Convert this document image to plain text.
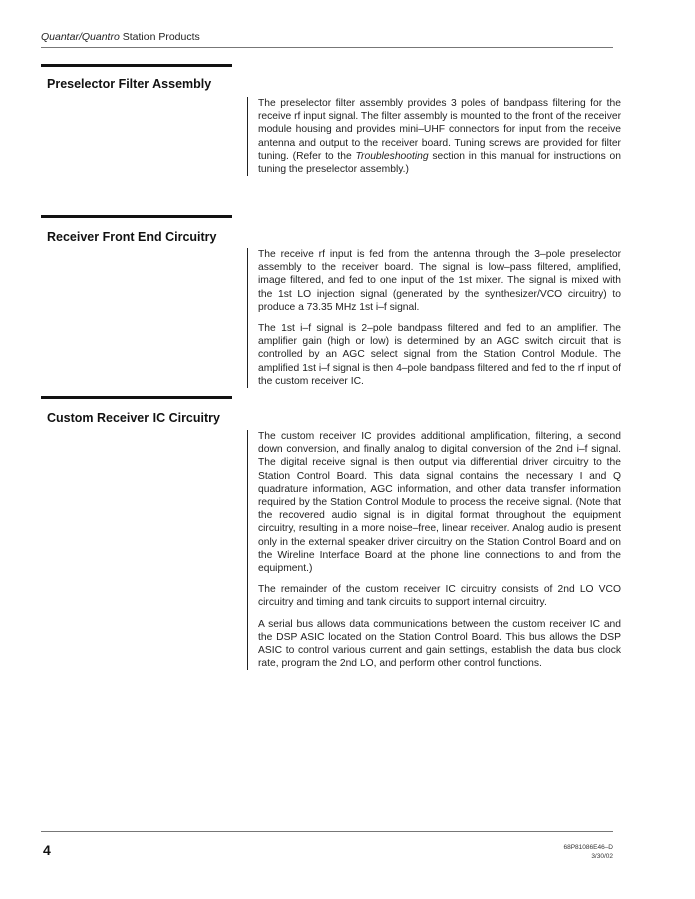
Quantar/Quantro Station Products
Preselector Filter Assembly

The preselector filter assembly provides 3 poles of bandpass filtering for the receive rf input signal. The filter assembly is mounted to the front of the receiver module housing and provides mini–UHF connectors for input from the receive antenna and output to the receiver board. Tuning screws are provided for filter tuning. (Refer to the Troubleshooting section in this manual for instructions on tuning the preselector assembly.)

Receiver Front End Circuitry

The receive rf input is fed from the antenna through the 3–pole preselector assembly to the receiver board. The signal is low–pass filtered, amplified, image filtered, and fed to one input of the 1st mixer. The signal is mixed with the 1st LO injection signal (generated by the synthesizer/VCO circuitry) to produce a 73.35 MHz 1st i–f signal.

The 1st i–f signal is 2–pole bandpass filtered and fed to an amplifier. The amplifier gain (high or low) is determined by an AGC switch circuit that is controlled by an AGC select signal from the Station Control Module. The amplified 1st i–f signal is then 4–pole bandpass filtered and fed to the rf input of the custom receiver IC.

Custom Receiver IC Circuitry

The custom receiver IC provides additional amplification, filtering, a second down conversion, and finally analog to digital conversion of the 2nd i–f signal. The digital receive signal is then output via differential driver circuitry to the Station Control Board. This data signal contains the necessary I and Q quadrature information, AGC information, and other data transfer information required by the Station Control Module to process the receive signal. (Note that the recovered audio signal is in digital format throughout the equipment circuitry, resulting in a more noise–free, linear receiver. Analog audio is present only in the external speaker driver circuitry on the Station Control Board and on the Wireline Interface Board at the phone line connections to and from the equipment.)

The remainder of the custom receiver IC circuitry consists of 2nd LO VCO circuitry and timing and tank circuits to support internal circuitry.

A serial bus allows data communications between the custom receiver IC and the DSP ASIC located on the Station Control Board. This bus allows the DSP ASIC to control various current and gain settings, establish the data bus clock rate, program the 2nd LO, and perform other control functions.

4	68P81086E46–D
3/30/02
